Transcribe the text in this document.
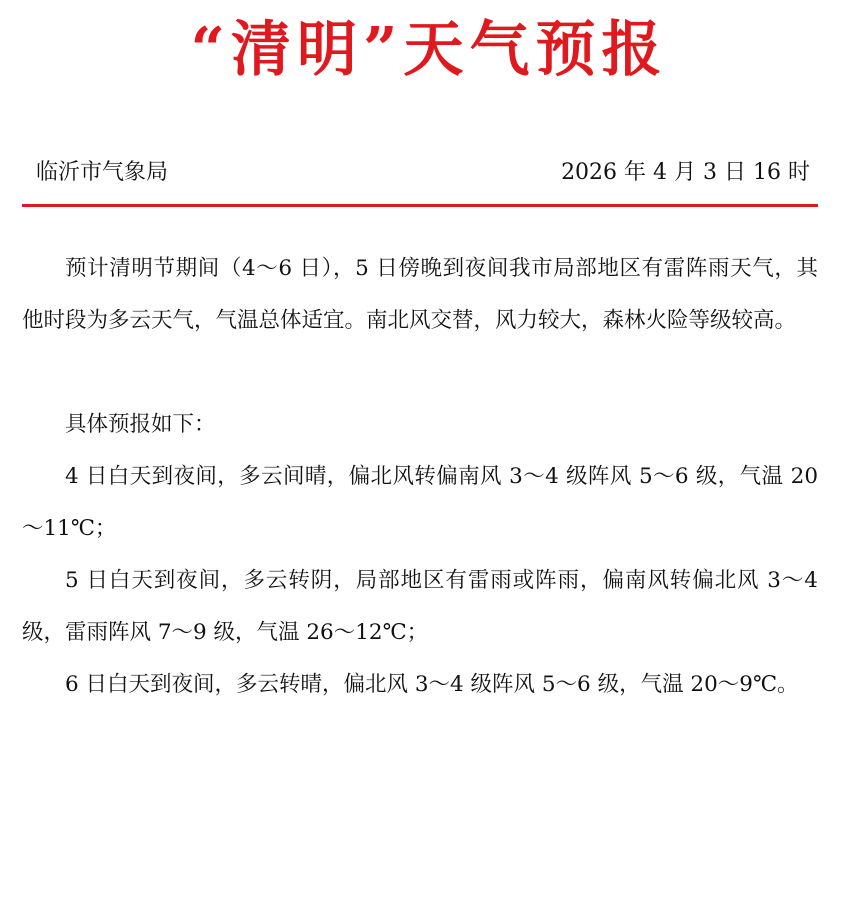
“清明”天气预报
临沂市气象局	2026 年 4 月 3 日 16 时

预计清明节期间（4～6 日），5 日傍晚到夜间我市局部地区有雷阵雨天气，其他时段为多云天气，气温总体适宜。南北风交替，风力较大，森林火险等级较高。

具体预报如下：

4 日白天到夜间，多云间晴，偏北风转偏南风 3～4 级阵风 5～6 级，气温 20～11℃；

5 日白天到夜间，多云转阴，局部地区有雷雨或阵雨，偏南风转偏北风 3～4 级，雷雨阵风 7～9 级，气温 26～12℃；

6 日白天到夜间，多云转晴，偏北风 3～4 级阵风 5～6 级，气温 20～9℃。
